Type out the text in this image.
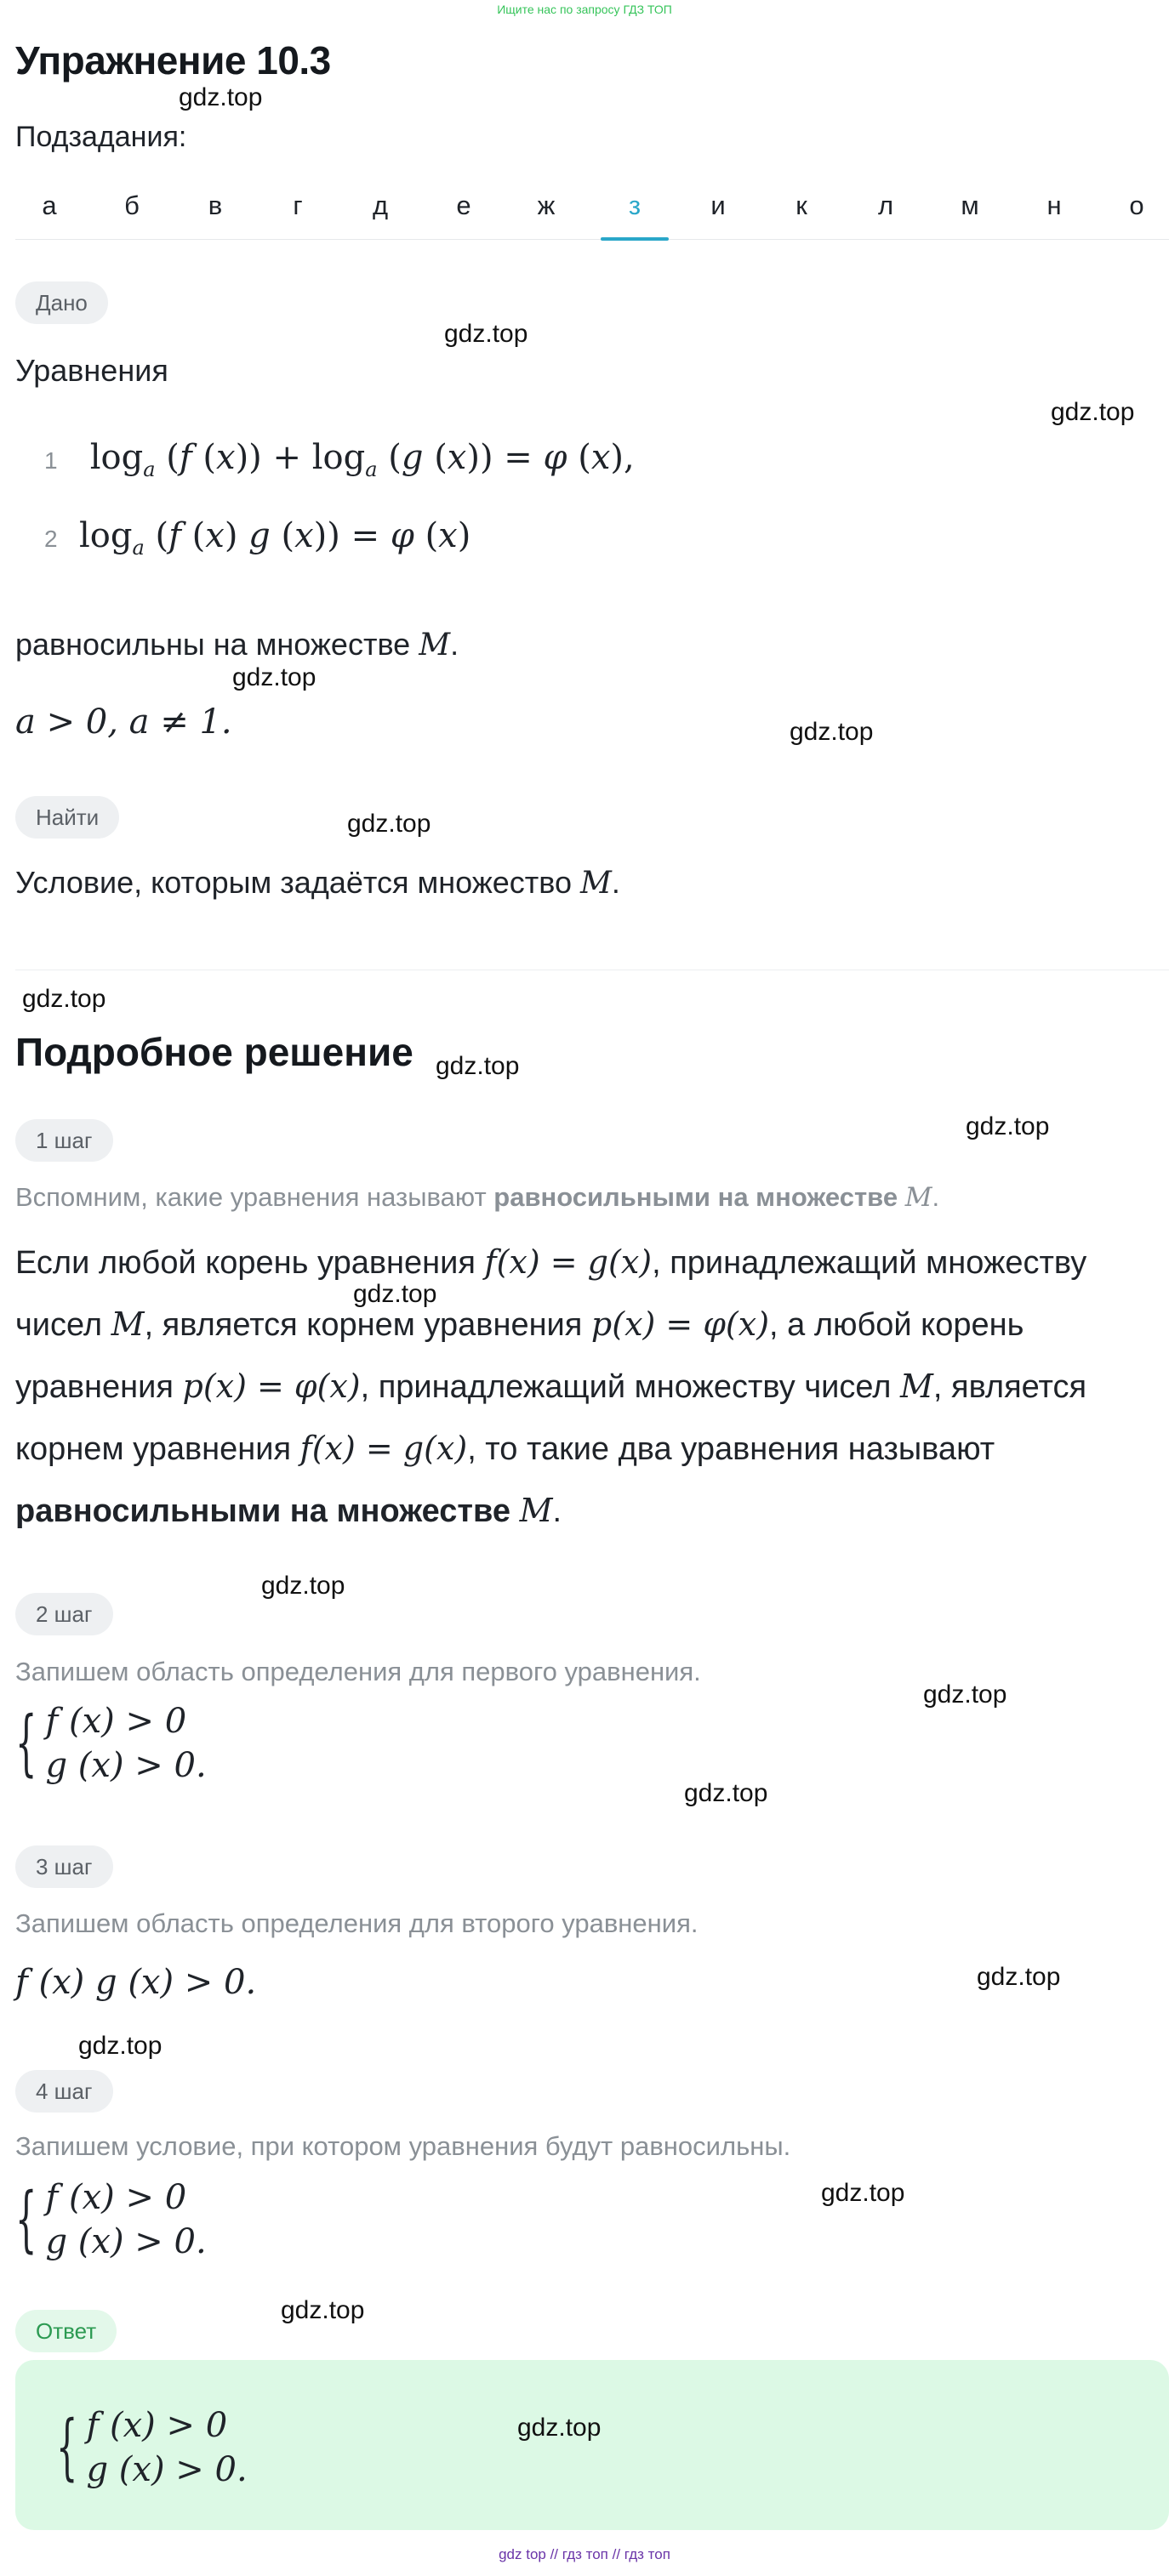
Ищите нас по запросу ГДЗ ТОП
Упражнение 10.3
gdz.top
Подзадания:
а	б	в	г	д	е	ж	з	и	к	л	м	н	о
Дано
gdz.top
Уравнения
gdz.top
1 $\log_a (f$ $(x)) + \log_a (g$ (x)) = φ (x),
2 $\log_a (f$ (x) g (x)) = φ (x)
равносильны на множестве M.
gdz.top
a > 0, a ≠ 1.	gdz.top
Найти	gdz.top
Условие, которым задаётся множество M.
gdz.top
Подробное решение gdz.top
1 шаг	gdz.top
Вспомним, какие уравнения называют равносильными на множестве M.
Если любой корень уравнения f(x) = g(x), принадлежащий множеству
чисел M, является корнем уравнения p(x) = φ(x), а любой корень
уравнения p(x) = φ(x), принадлежащий множеству чисел M, является
корнем уравнения f(x) = g(x), то такие два уравнения называют
равносильными на множестве M.
gdz.top
gdz.top
2 шаг
Запишем область определения для первого уравнения.
gdz.top
{ f (x) > 0
g (x) > 0.
gdz.top
3 шаг
Запишем область определения для второго уравнения.
f (x) g (x) > 0.	gdz.top
gdz.top
4 шаг
Запишем условие, при котором уравнения будут равносильны.
{ f (x) > 0
g (x) > 0.
gdz.top
gdz.top
Ответ
{ f (x) > 0
g (x) > 0.
gdz.top
gdz top // гдз топ // гдз топ
